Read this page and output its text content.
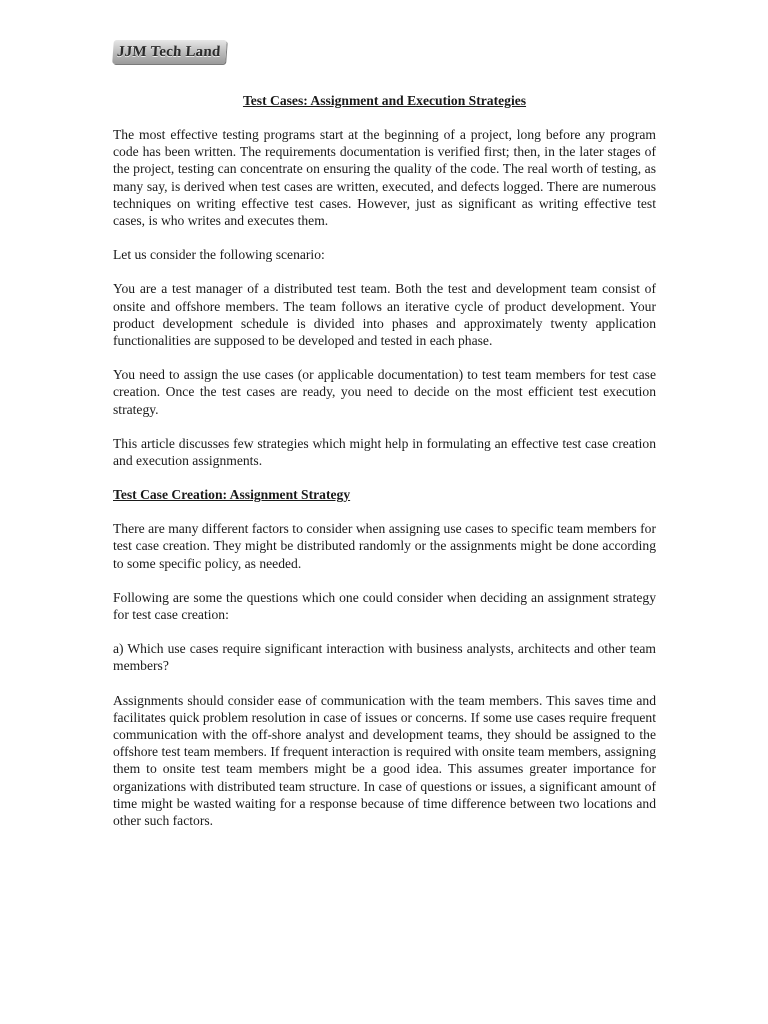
JJM Tech Land
Test Cases: Assignment and Execution Strategies

The most effective testing programs start at the beginning of a project, long before any program code has been written. The requirements documentation is verified first; then, in the later stages of the project, testing can concentrate on ensuring the quality of the code. The real worth of testing, as many say, is derived when test cases are written, executed, and defects logged. There are numerous techniques on writing effective test cases. However, just as significant as writing effective test cases, is who writes and executes them.

Let us consider the following scenario:

You are a test manager of a distributed test team. Both the test and development team consist of onsite and offshore members. The team follows an iterative cycle of product development. Your product development schedule is divided into phases and approximately twenty application functionalities are supposed to be developed and tested in each phase.

You need to assign the use cases (or applicable documentation) to test team members for test case creation. Once the test cases are ready, you need to decide on the most efficient test execution strategy.

This article discusses few strategies which might help in formulating an effective test case creation and execution assignments.

Test Case Creation: Assignment Strategy

There are many different factors to consider when assigning use cases to specific team members for test case creation. They might be distributed randomly or the assignments might be done according to some specific policy, as needed.

Following are some the questions which one could consider when deciding an assignment strategy for test case creation:

a) Which use cases require significant interaction with business analysts, architects and other team members?

Assignments should consider ease of communication with the team members. This saves time and facilitates quick problem resolution in case of issues or concerns. If some use cases require frequent communication with the off-shore analyst and development teams, they should be assigned to the offshore test team members. If frequent interaction is required with onsite team members, assigning them to onsite test team members might be a good idea. This assumes greater importance for organizations with distributed team structure. In case of questions or issues, a significant amount of time might be wasted waiting for a response because of time difference between two locations and other such factors.
